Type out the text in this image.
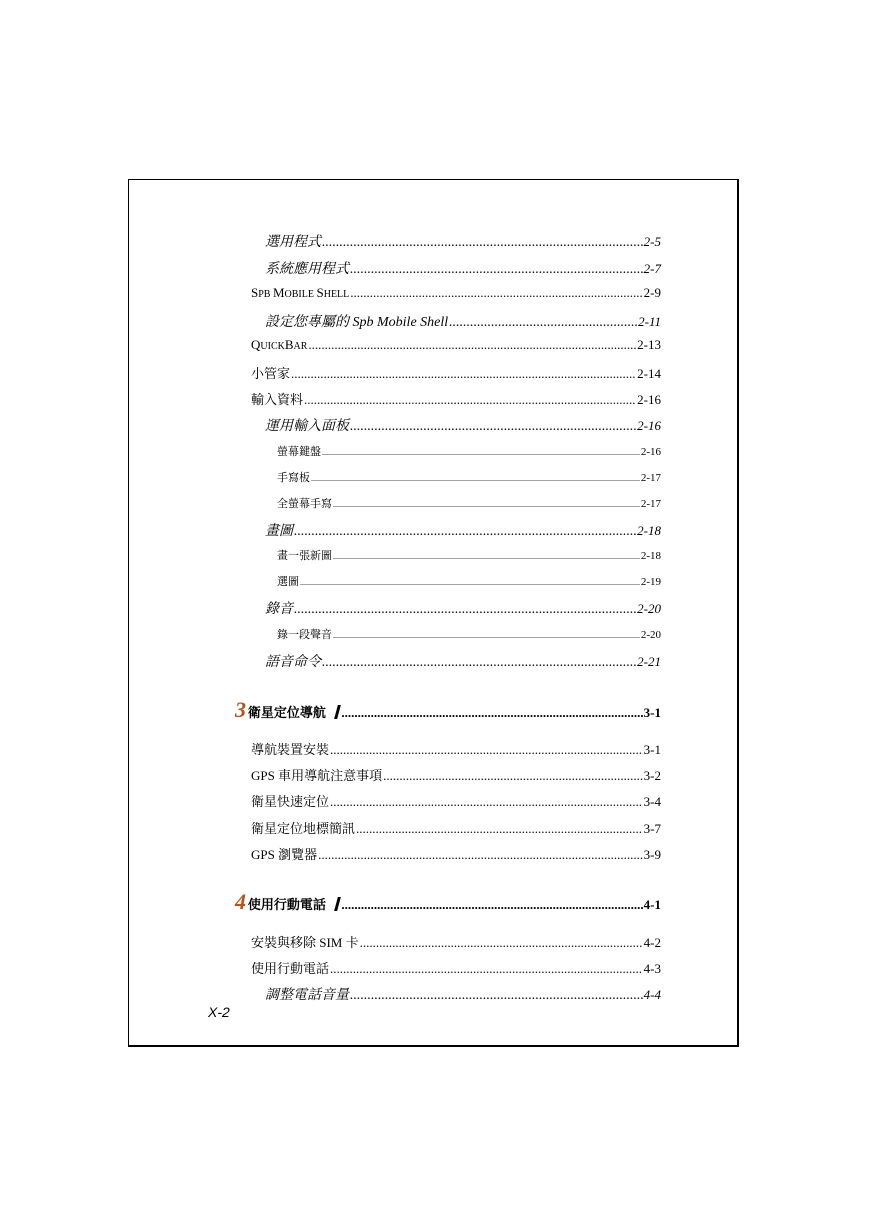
選用程式 .....	2-5
系統應用程式 .....	2-7
SPB MOBILE SHELL .....	2-9
設定您專屬的 Spb Mobile Shell .....	2-11
QUICKBAR .....	2-13
小管家 .....	2-14
輸入資料 .....	2-16
運用輸入面板 .....	2-16
螢幕鍵盤 .....	2-16
手寫板 .....	2-17
全螢幕手寫 .....	2-17
畫圖 .....	2-18
畫一張新圖 .....	2-18
選圖 .....	2-19
錄音 .....	2-20
錄一段聲音 .....	2-20
語音命令 .....	2-21
3 衛星定位導航 .....	3-1
導航裝置安裝 .....	3-1
GPS 車用導航注意事項 .....	3-2
衛星快速定位 .....	3-4
衛星定位地標簡訊 .....	3-7
GPS 瀏覽器 .....	3-9
4 使用行動電話 .....	4-1
安裝與移除 SIM 卡 .....	4-2
使用行動電話 .....	4-3
調整電話音量 .....	4-4
X-2
